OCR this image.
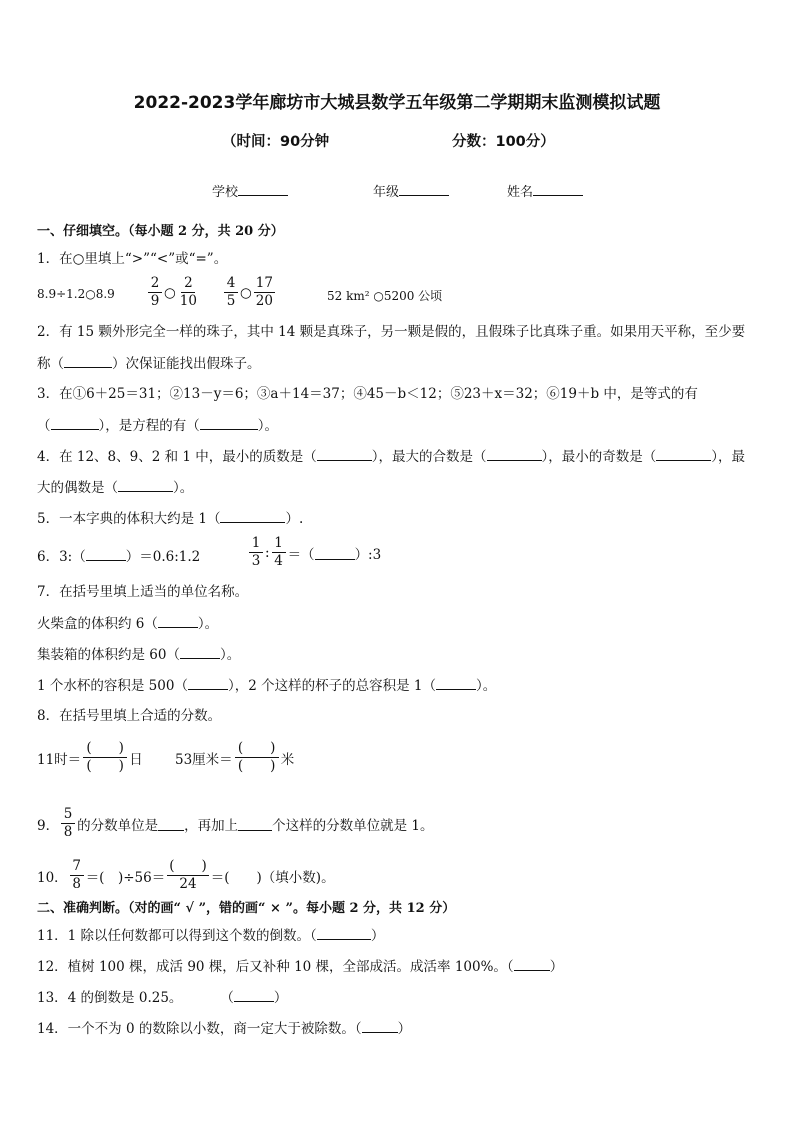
2022-2023学年廊坊市大城县数学五年级第二学期期末监测模拟试题
（时间：90分钟	分数：100分）
学校	年级	姓名
一、仔细填空。（每小题 2 分，共 20 分）
1．在○里填上“>”“<”或“=”。
8.9÷1.2○8.9 $\frac{2}{9}$ ○ $\frac{2}{10} \frac{4}{5}$ ○ $\frac{17}{20}$	52 km² ○5200 公顷
2．有 15 颗外形完全一样的珠子，其中 14 颗是真珠子，另一颗是假的，且假珠子比真珠子重。如果用天平称，至少要
称（	）次保证能找出假珠子。
3．在①6＋25＝31；②13－y＝6；③a＋14＝37；④45－b＜12；⑤23＋x＝32；⑥19＋b 中，是等式的有
（	），是方程的有（	）。
4．在 12、8、9、2 和 1 中，最小的质数是（	），最大的合数是（	），最小的奇数是（	），最
大的偶数是（	）。
5．一本字典的体积大约是 1（	）.
6．3:（	）＝0.6:1.2	$\frac{1}{3}$ : $\frac{1}{4}$ ＝（	）:3
7．在括号里填上适当的单位名称。
火柴盒的体积约 6（	）。
集装箱的体积约是 60（	）。
1 个水杯的容积是 500（	），2 个这样的杯子的总容积是 1（	）。
8．在括号里填上合适的分数。
11时＝ $\frac{( )}{( )}$ 日 53厘米＝ $\frac{( )}{( )}$ 米
9． $\frac{5}{8}$ 的分数单位是 ，再加上	个这样的分数单位就是 1。
10． $\frac{7}{8}$ ＝(　)$\div 56= \frac{( )}{24}$ ＝(　　)（填小数)。
二、准确判断。（对的画“ √ ”，错的画“ × ”。每小题 2 分，共 12 分）
11．1 除以任何数都可以得到这个数的倒数。（	）
12．植树 100 棵，成活 90 棵，后又补种 10 棵，全部成活。成活率 100%。（	）
13．4 的倒数是 0.25。	（	）
14．一个不为 0 的数除以小数，商一定大于被除数。（	）
